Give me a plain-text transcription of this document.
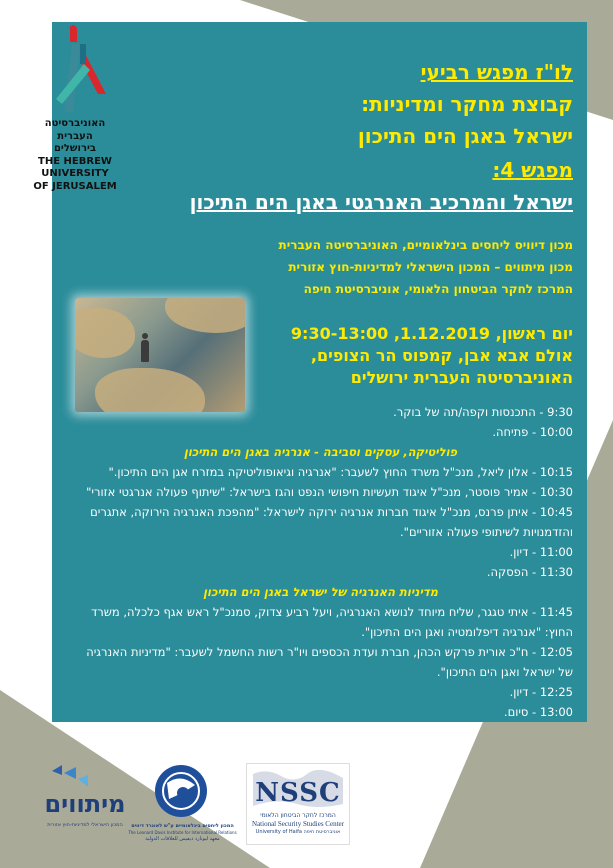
האוניברסיטה
העברית
בירושלים
THE HEBREW
UNIVERSITY
OF JERUSALEM
לו"ז מפגש רביעי
קבוצת מחקר ומדיניות:
ישראל באגן הים התיכון
מפגש 4:
ישראל והמרכיב האנרגטי באגן הים התיכון
מכון דיוויס ליחסים בינלאומיים, האוניברסיטה העברית
מכון מיתווים – המכון הישראלי למדיניות-חוץ אזורית
המרכז לחקר הביטחון הלאומי, אוניברסיטת חיפה
יום ראשון, 1.12.2019, 9:30-13:00
אולם אבא אבן, קמפוס הר הצופים,
האוניברסיטה העברית ירושלים

9:30 - התכנסות וקפה/תה של בוקר.

10:00 - פתיחה.

פוליטיקה, עסקים וסביבה - אנרגיה באגן הים התיכון

10:15 - אלון ליאל, מנכ"ל משרד החוץ לשעבר: "אנרגיה וגיאופוליטיקה במזרח אגן הים התיכון."

10:30 - אמיר פוסטר, מנכ"ל איגוד תעשיות חיפושי הנפט והגז בישראל: "שיתוף פעולה אנרגטי אזורי"

10:45 - איתן פרנס, מנכ"ל איגוד חברות אנרגיה ירוקה לישראל: "מהפכת האנרגיה הירוקה, אתגרים והזדמנויות לשיתופי פעולה אזוריים".

11:00 - דיון.

11:30 - הפסקה.

מדיניות האנרגיה של ישראל באגן הים התיכון

11:45 - איתי טגגר, שליח מיוחד לנושא האנרגיה, ויעל רביע צדוק, סמנכ"ל ראש אגף כלכלה, משרד החוץ: "אנרגיה דיפלומטיה ואגן הים התיכון".

12:05 - ח"כ אורית פרקש הכהן, חברת ועדת הכספים ויו"ר רשות החשמל לשעבר: "מדיניות האנרגיה של ישראל ואגן הים התיכון".

12:25 - דיון.

13:00 - סיום.

מיתווים
המכון הישראלי למדיניות-חוץ אזורית	המכון ליחסים בינלאומיים ע"ש לאונרד דיוויס
The Leonard Davis Institute for International Relations
معهد ليونارد ديفيس للعلاقات الدولية
NSSC
המרכז לחקר הביטחון הלאומי
National Security Studies Center
University of Haifa אוניברסיטת חיפה
